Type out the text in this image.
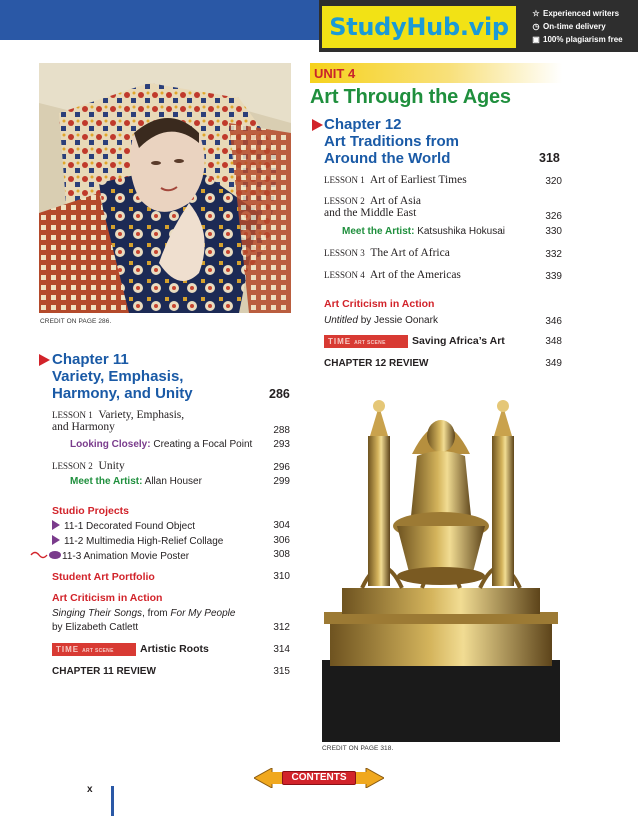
StudyHub.vip	☆ Experienced writers
◷ On-time delivery
▣ 100% plagiarism free
CREDIT ON PAGE 286.
UNIT 4
Art Through the Ages
Chapter 12
Art Traditions from
Around the World	318
LESSON 1 Art of Earliest Times	320
LESSON 2 Art of Asia
and the Middle East	326
Meet the Artist: Katsushika Hokusai	330
LESSON 3 The Art of Africa	332
LESSON 4 Art of the Americas	339
Art Criticism in Action
Untitled by Jessie Oonark	346
TIME ART SCENE	Saving Africa’s Art	348
CHAPTER 12 REVIEW	349
CREDIT ON PAGE 318.
Chapter 11
Variety, Emphasis,
Harmony, and Unity	286
LESSON 1 Variety, Emphasis,
and Harmony	288
Looking Closely: Creating a Focal Point	293
LESSON 2 Unity	296
Meet the Artist: Allan Houser	299
Studio Projects
11-1 Decorated Found Object	304
11-2 Multimedia High-Relief Collage	306
11-3 Animation Movie Poster	308
Student Art Portfolio	310
Art Criticism in Action
Singing Their Songs, from For My People
by Elizabeth Catlett	312
TIME ART SCENE	Artistic Roots	314
CHAPTER 11 REVIEW	315
CONTENTS
x
